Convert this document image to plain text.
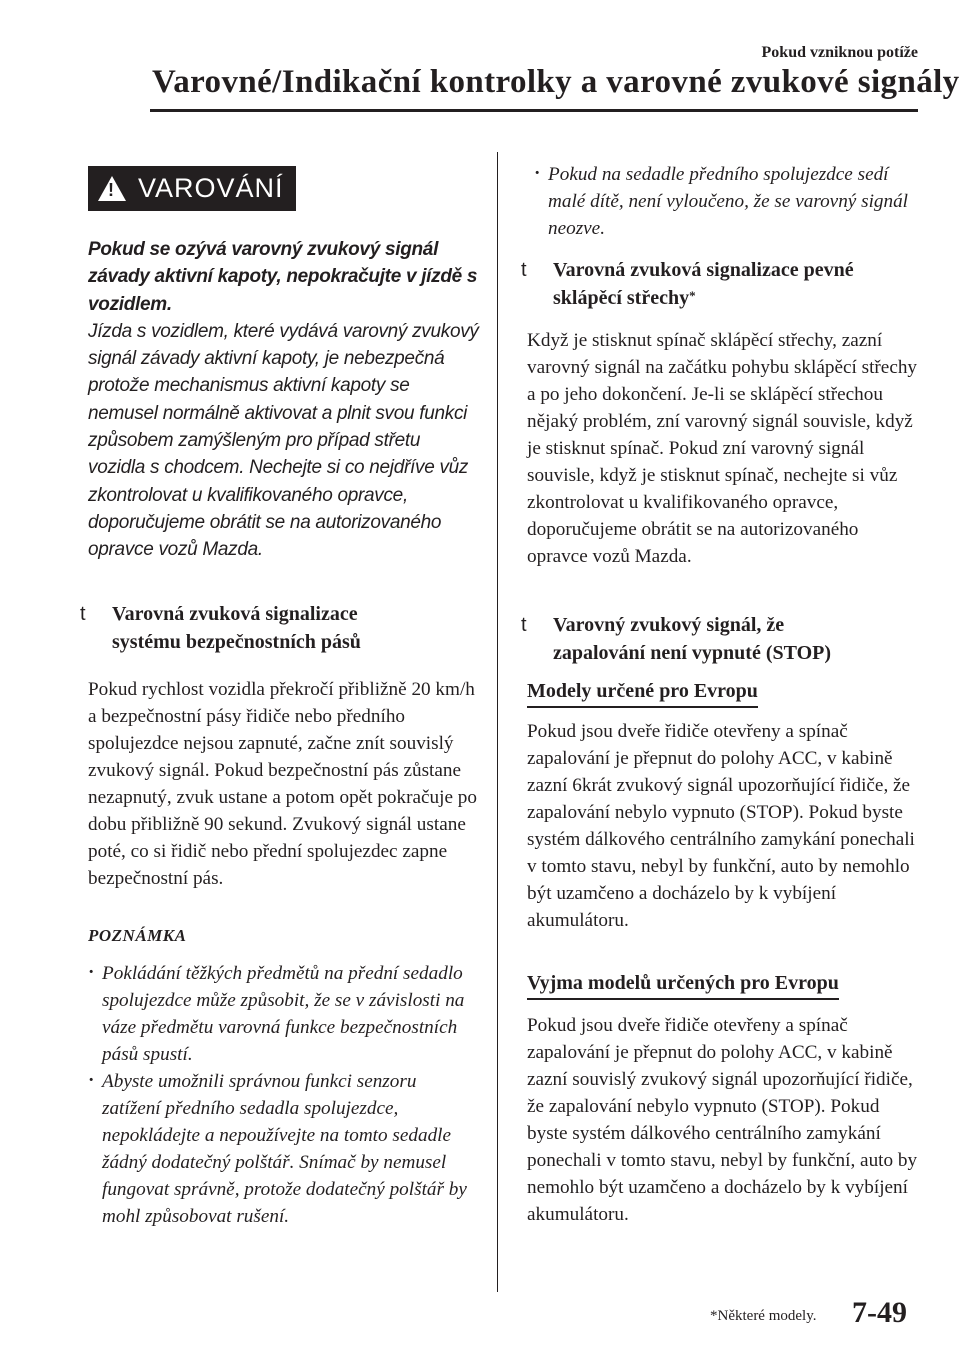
Pokud vzniknou potíže
Varovné/Indikační kontrolky a varovné zvukové signály
!
VAROVÁNÍ

Pokud se ozývá varovný zvukový signál závady aktivní kapoty, nepokračujte v jízdě s vozidlem.

Jízda s vozidlem, které vydává varovný zvukový signál závady aktivní kapoty, je nebezpečná protože mechanismus aktivní kapoty se nemusel normálně aktivovat a plnit svou funkci způsobem zamýšleným pro případ střetu vozidla s chodcem. Nechejte si co nejdříve vůz zkontrolovat u kvalifikovaného opravce, doporučujeme obrátit se na autorizovaného opravce vozů Mazda.

t Varovná zvuková signalizace
systému bezpečnostních pásů

Pokud rychlost vozidla překročí přibližně 20 km/h a bezpečnostní pásy řidiče nebo předního spolujezdce nejsou zapnuté, začne znít souvislý zvukový signál. Pokud bezpečnostní pás zůstane nezapnutý, zvuk ustane a potom opět pokračuje po dobu přibližně 90 sekund. Zvukový signál ustane poté, co si řidič nebo přední spolujezdec zapne bezpečnostní pás.

POZNÁMKA
· Pokládání těžkých předmětů na přední sedadlo spolujezdce může způsobit, že se v závislosti na váze předmětu varovná funkce bezpečnostních pásů spustí.
· Abyste umožnili správnou funkci senzoru zatížení předního sedadla spolujezdce, nepokládejte a nepoužívejte na tomto sedadle žádný dodatečný polštář. Snímač by nemusel fungovat správně, protože dodatečný polštář by mohl způsobovat rušení.
· Pokud na sedadle předního spolujezdce sedí malé dítě, není vyloučeno, že se varovný signál neozve.
t Varovná zvuková signalizace pevné
sklápěcí střechy*

Když je stisknut spínač sklápěcí střechy, zazní varovný signál na začátku pohybu sklápěcí střechy a po jeho dokončení. Je-li se sklápěcí střechou nějaký problém, zní varovný signál souvisle, když je stisknut spínač. Pokud zní varovný signál souvisle, když je stisknut spínač, nechejte si vůz zkontrolovat u kvalifikovaného opravce, doporučujeme obrátit se na autorizovaného opravce vozů Mazda.

t Varovný zvukový signál, že
zapalování není vypnuté (STOP)
Modely určené pro Evropu

Pokud jsou dveře řidiče otevřeny a spínač zapalování je přepnut do polohy ACC, v kabině zazní 6krát zvukový signál upozorňující řidiče, že zapalování nebylo vypnuto (STOP). Pokud byste systém dálkového centrálního zamykání ponechali v tomto stavu, nebyl by funkční, auto by nemohlo být uzamčeno a docházelo by k vybíjení akumulátoru.

Vyjma modelů určených pro Evropu

Pokud jsou dveře řidiče otevřeny a spínač zapalování je přepnut do polohy ACC, v kabině zazní souvislý zvukový signál upozorňující řidiče, že zapalování nebylo vypnuto (STOP). Pokud byste systém dálkového centrálního zamykání ponechali v tomto stavu, nebyl by funkční, auto by nemohlo být uzamčeno a docházelo by k vybíjení akumulátoru.

*Některé modely. 7-49
